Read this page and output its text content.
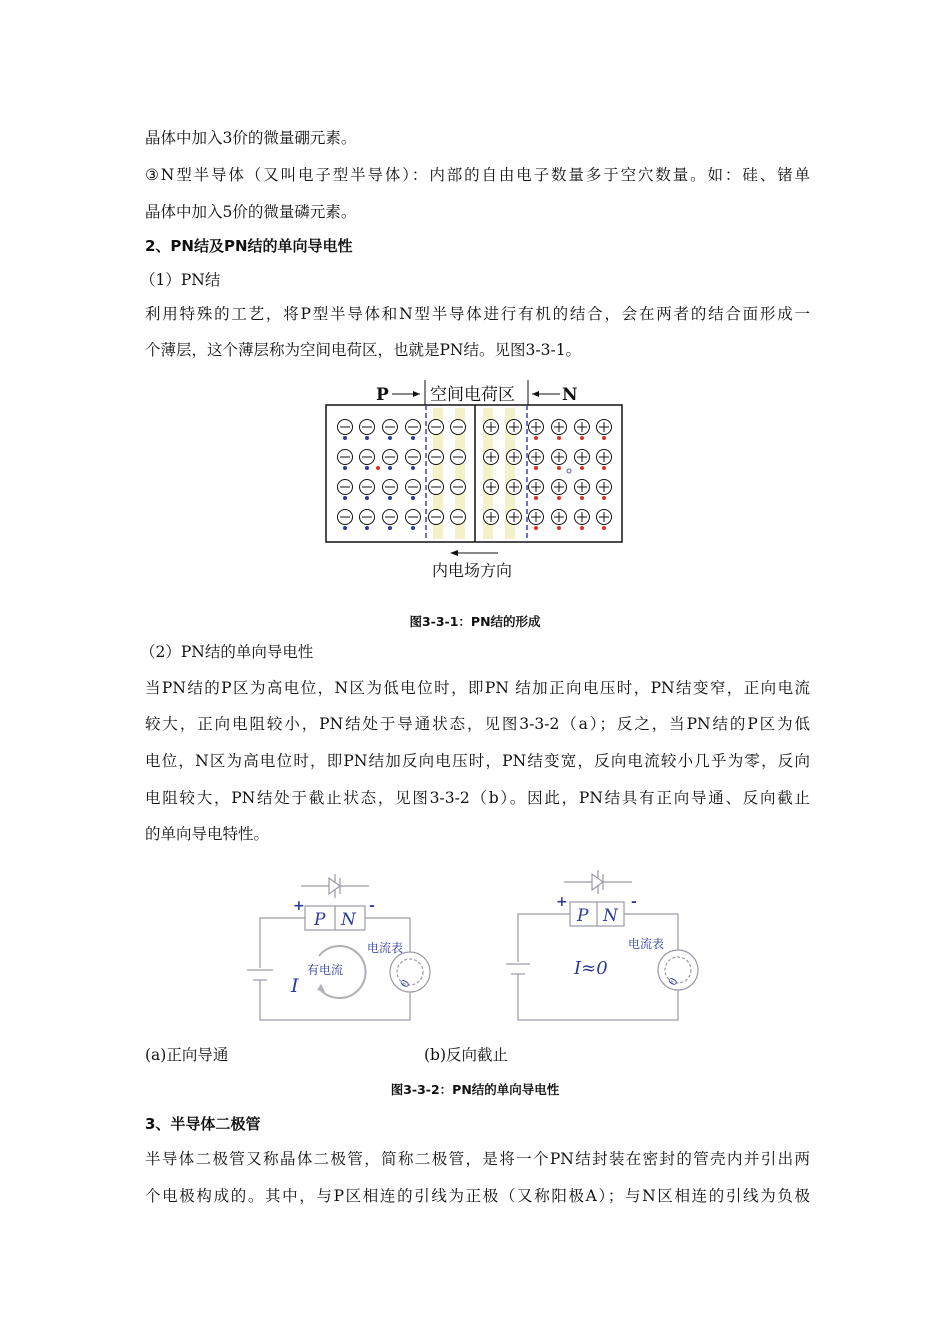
晶体中加入3价的微量硼元素。
③N型半导体（又叫电子型半导体）：内部的自由电子数量多于空穴数量。如：硅、锗单
晶体中加入5价的微量磷元素。
2、PN结及PN结的单向导电性
（1）PN结
利用特殊的工艺，将P型半导体和N型半导体进行有机的结合，会在两者的结合面形成一
个薄层，这个薄层称为空间电荷区，也就是PN结。见图3-3-1。
P 空间电荷区	N
内电场方向
图3-3-1：PN结的形成
（2）PN结的单向导电性
当PN结的P区为高电位，N区为低电位时，即PN 结加正向电压时，PN结变窄，正向电流
较大，正向电阻较小，PN结处于导通状态，见图3-3-2（a）；反之，当PN结的P区为低
电位，N区为高电位时，即PN结加反向电压时，PN结变宽，反向电流较小几乎为零，反向
电阻较大，PN结处于截止状态，见图3-3-2（b）。因此，PN结具有正向导通、反向截止
的单向导电特性。
+	-
P N
电流表
有电流
I	0
+	-
P N
电流表
I≈0
0
(a)正向导通	(b)反向截止
图3-3-2：PN结的单向导电性
3、半导体二极管
半导体二极管又称晶体二极管，简称二极管，是将一个PN结封装在密封的管壳内并引出两
个电极构成的。其中，与P区相连的引线为正极（又称阳极A）；与N区相连的引线为负极
